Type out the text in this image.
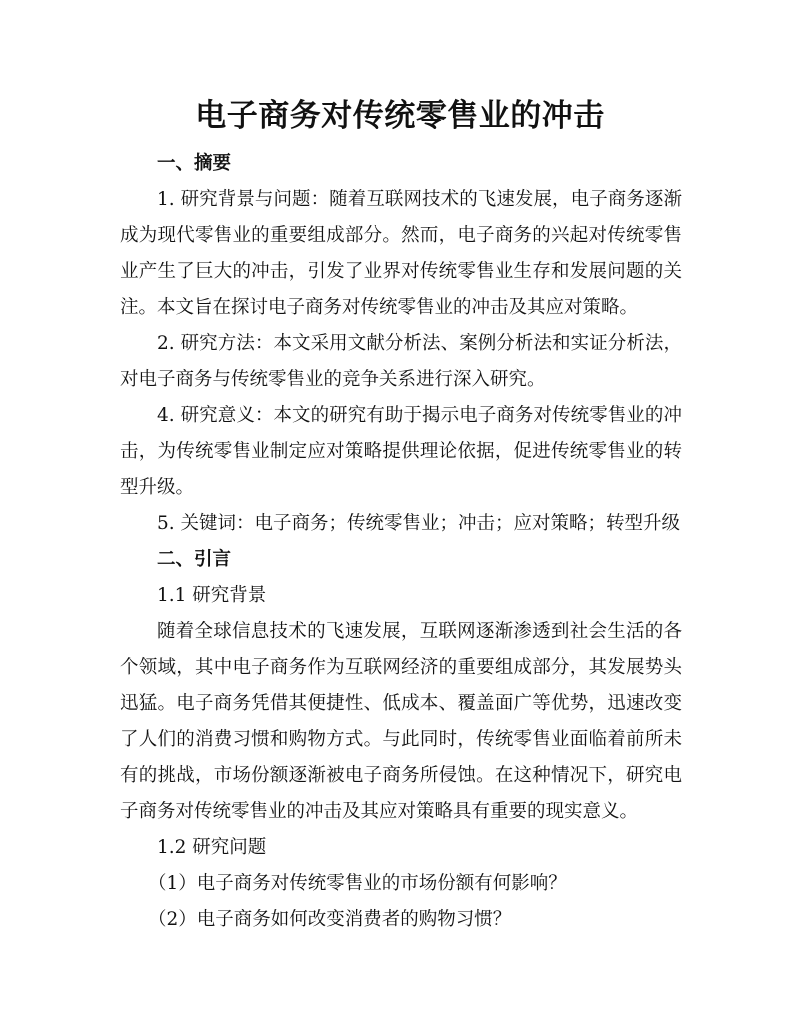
电子商务对传统零售业的冲击

一、摘要

1. 研究背景与问题：随着互联网技术的飞速发展，电子商务逐渐成为现代零售业的重要组成部分。然而，电子商务的兴起对传统零售业产生了巨大的冲击，引发了业界对传统零售业生存和发展问题的关注。本文旨在探讨电子商务对传统零售业的冲击及其应对策略。

2. 研究方法：本文采用文献分析法、案例分析法和实证分析法，对电子商务与传统零售业的竞争关系进行深入研究。

4. 研究意义：本文的研究有助于揭示电子商务对传统零售业的冲击，为传统零售业制定应对策略提供理论依据，促进传统零售业的转型升级。

5. 关键词：电子商务；传统零售业；冲击；应对策略；转型升级

二、引言

1.1 研究背景

随着全球信息技术的飞速发展，互联网逐渐渗透到社会生活的各个领域，其中电子商务作为互联网经济的重要组成部分，其发展势头迅猛。电子商务凭借其便捷性、低成本、覆盖面广等优势，迅速改变了人们的消费习惯和购物方式。与此同时，传统零售业面临着前所未有的挑战，市场份额逐渐被电子商务所侵蚀。在这种情况下，研究电子商务对传统零售业的冲击及其应对策略具有重要的现实意义。

1.2 研究问题

（1）电子商务对传统零售业的市场份额有何影响？

（2）电子商务如何改变消费者的购物习惯？
